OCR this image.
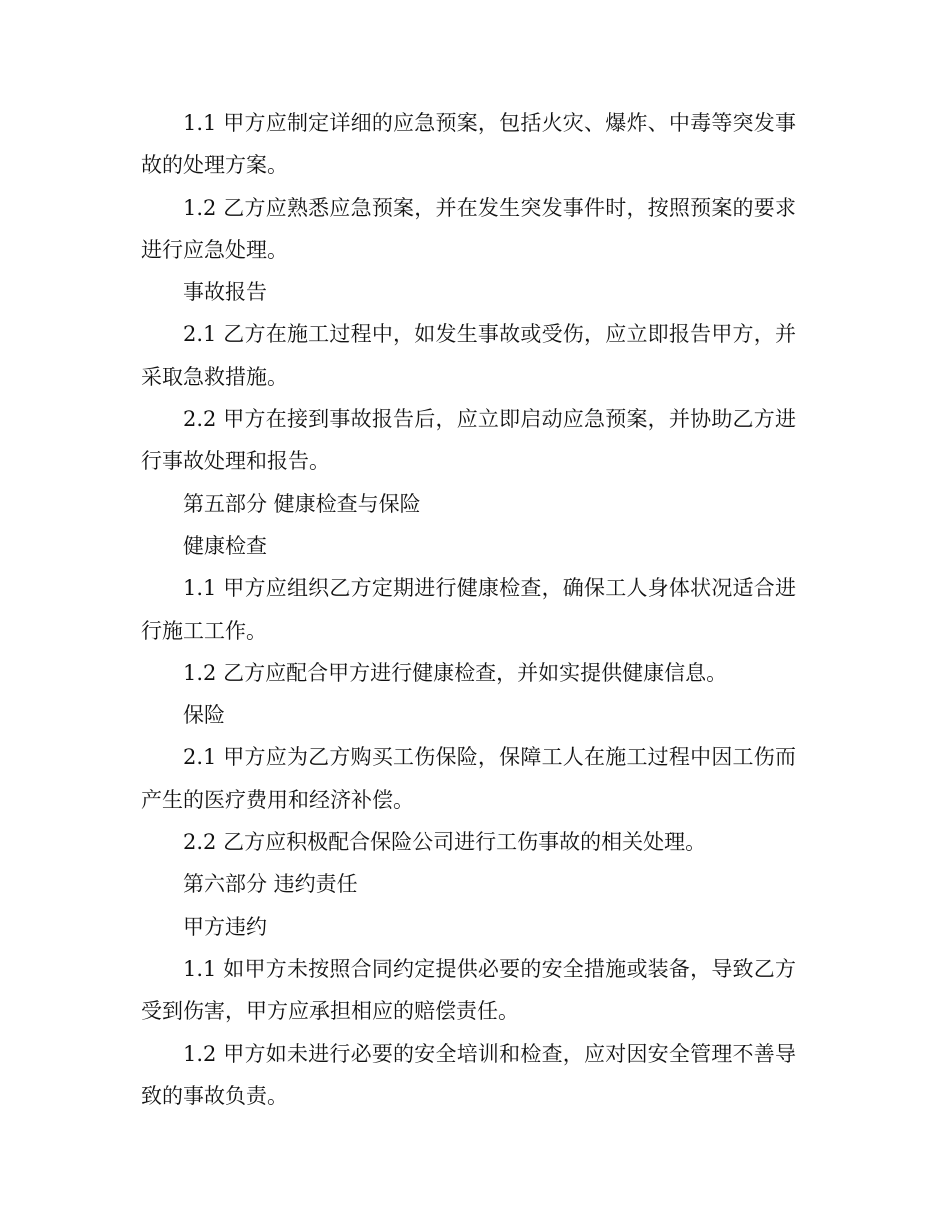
1.1 甲方应制定详细的应急预案，包括火灾、爆炸、中毒等突发事故的处理方案。

1.2 乙方应熟悉应急预案，并在发生突发事件时，按照预案的要求进行应急处理。

事故报告

2.1 乙方在施工过程中，如发生事故或受伤，应立即报告甲方，并采取急救措施。

2.2 甲方在接到事故报告后，应立即启动应急预案，并协助乙方进行事故处理和报告。

第五部分 健康检查与保险

健康检查

1.1 甲方应组织乙方定期进行健康检查，确保工人身体状况适合进行施工工作。

1.2 乙方应配合甲方进行健康检查，并如实提供健康信息。

保险

2.1 甲方应为乙方购买工伤保险，保障工人在施工过程中因工伤而产生的医疗费用和经济补偿。

2.2 乙方应积极配合保险公司进行工伤事故的相关处理。

第六部分 违约责任

甲方违约

1.1 如甲方未按照合同约定提供必要的安全措施或装备，导致乙方受到伤害，甲方应承担相应的赔偿责任。

1.2 甲方如未进行必要的安全培训和检查，应对因安全管理不善导致的事故负责。
